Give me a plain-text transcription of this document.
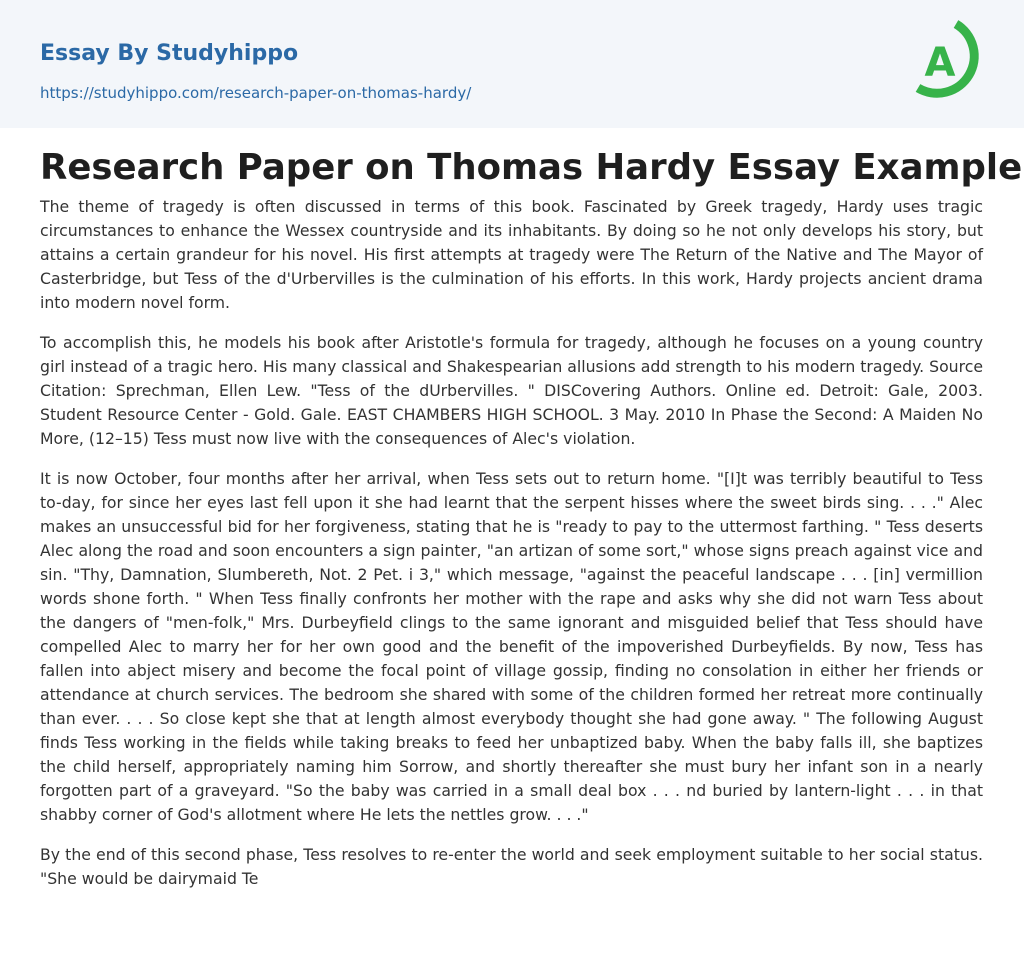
Essay By Studyhippo
https://studyhippo.com/research-paper-on-thomas-hardy/
A
Research Paper on Thomas Hardy Essay Example

The theme of tragedy is often discussed in terms of this book. Fascinated by Greek tragedy, Hardy uses tragic circumstances to enhance the Wessex countryside and its inhabitants. By doing so he not only develops his story, but attains a certain grandeur for his novel. His first attempts at tragedy were The Return of the Native and The Mayor of Casterbridge, but Tess of the d'Urbervilles is the culmination of his efforts. In this work, Hardy projects ancient drama into modern novel form.

To accomplish this, he models his book after Aristotle's formula for tragedy, although he focuses on a young country girl instead of a tragic hero. His many classical and Shakespearian allusions add strength to his modern tragedy. Source Citation: Sprechman, Ellen Lew. "Tess of the dUrbervilles. " DISCovering Authors. Online ed. Detroit: Gale, 2003. Student Resource Center - Gold. Gale. EAST CHAMBERS HIGH SCHOOL. 3 May. 2010 In Phase the Second: A Maiden No More, (12–15) Tess must now live with the consequences of Alec's violation.

It is now October, four months after her arrival, when Tess sets out to return home. "[I]t was terribly beautiful to Tess to-day, for since her eyes last fell upon it she had learnt that the serpent hisses where the sweet birds sing. . . ." Alec makes an unsuccessful bid for her forgiveness, stating that he is "ready to pay to the uttermost farthing. " Tess deserts Alec along the road and soon encounters a sign painter, "an artizan of some sort," whose signs preach against vice and sin. "Thy, Damnation, Slumbereth, Not. 2 Pet. i 3," which message, "against the peaceful landscape . . . [in] vermillion words shone forth. " When Tess finally confronts her mother with the rape and asks why she did not warn Tess about the dangers of "men-folk," Mrs. Durbeyfield clings to the same ignorant and misguided belief that Tess should have compelled Alec to marry her for her own good and the benefit of the impoverished Durbeyfields. By now, Tess has fallen into abject misery and become the focal point of village gossip, finding no consolation in either her friends or attendance at church services. The bedroom she shared with some of the children formed her retreat more continually than ever. . . . So close kept she that at length almost everybody thought she had gone away. " The following August finds Tess working in the fields while taking breaks to feed her unbaptized baby. When the baby falls ill, she baptizes the child herself, appropriately naming him Sorrow, and shortly thereafter she must bury her infant son in a nearly forgotten part of a graveyard. "So the baby was carried in a small deal box . . . nd buried by lantern-light . . . in that shabby corner of God's allotment where He lets the nettles grow. . . ."

By the end of this second phase, Tess resolves to re-enter the world and seek employment suitable to her social status. "She would be dairymaid Te
